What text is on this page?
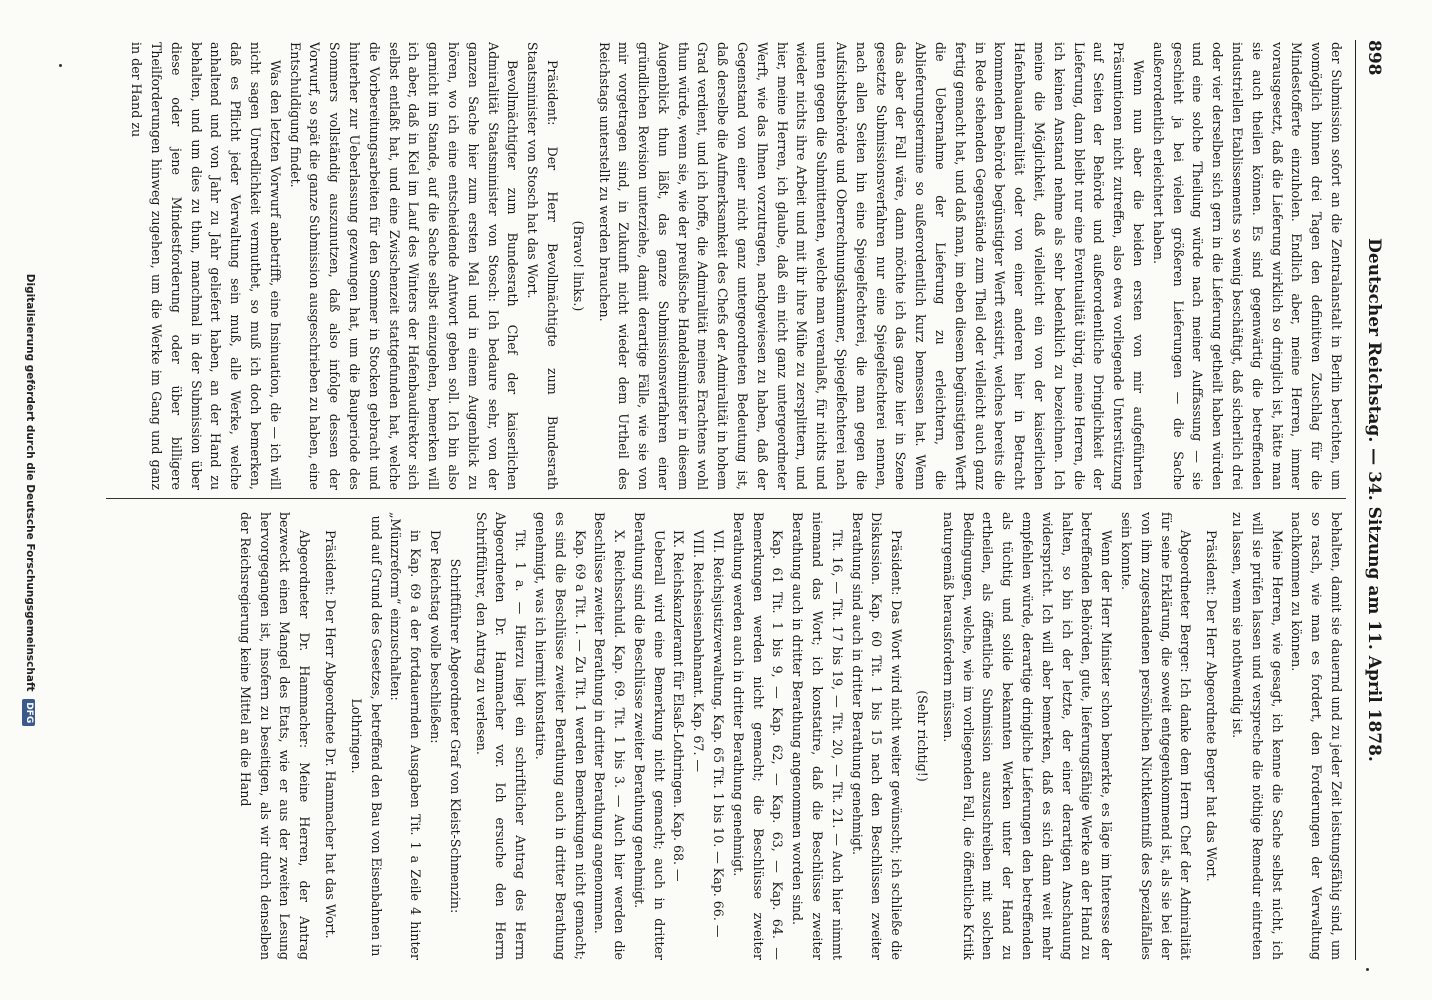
898
Deutscher Reichstag. — 34. Sitzung am 11. April 1878.

der Submission sofort an die Zentralanstalt in Berlin berichten, um womöglich binnen drei Tagen den definitiven Zuschlag für die Mindestofferte einzuholen. Endlich aber, meine Herren, immer vorausgesetzt, daß die Lieferung wirklich so dringlich ist, hätte man sie auch theilen können. Es sind gegenwärtig die betreffenden industriellen Etablissements so wenig beschäftigt, daß sicherlich drei oder vier derselben sich gern in die Lieferung getheilt haben würden und eine solche Theilung würde nach meiner Auffassung — sie geschieht ja bei vielen größeren Lieferungen — die Sache außerordentlich erleichtert haben.

Wenn nun aber die beiden ersten von mir aufgeführten Präsumtionen nicht zutreffen, also etwa vorliegende Unterstützung auf Seiten der Behörde und außerordentliche Dringlichkeit der Lieferung, dann bleibt nur eine Eventualität übrig, meine Herren, die ich keinen Anstand nehme als sehr bedenklich zu bezeichnen. Ich meine die Möglichkeit, daß vielleicht ein von der kaiserlichen Hafenbauadmiralität oder von einer anderen hier in Betracht kommenden Behörde begünstigter Werft existirt, welches bereits die in Rede stehenden Gegenstände zum Theil oder vielleicht auch ganz fertig gemacht hat, und daß man, im eben diesem begünstigten Werft die Uebernahme der Lieferung zu erleichtern, die Ablieferungstermine so außerordentlich kurz bemessen hat. Wenn das aber der Fall wäre, dann möchte ich das ganze hier in Szene gesetzte Submissionsverfahren nur eine Spiegelfechterei nennen, nach allen Seiten hin eine Spiegelfechterei, die man gegen die Aufsichtsbehörde und Oberrechnungskammer, Spiegelfechterei nach unten gegen die Submittenten, welche man veranlaßt, für nichts und wieder nichts ihre Arbeit und mit ihr ihre Mühe zu zersplittern, und hier, meine Herren, ich glaube, daß ein nicht ganz untergeordneter Werft, wie das Ihnen vorzutragen, nachgewiesen zu haben, daß der Gegenstand von einer nicht ganz untergeordneten Bedeutung ist, daß derselbe die Aufmerksamkeit des Chefs der Admiralität in hohem Grad verdient, und ich hoffe, die Admiralität meines Erachtens wohl thun würde, wenn sie, wie der preußische Handelsminister in diesem Augenblick thun läßt, das ganze Submissionsverfahren einer gründlichen Revision unterziehe, damit derartige Fälle, wie sie von mir vorgetragen sind, in Zukunft nicht wieder dem Urtheil des Reichstags unterstellt zu werden brauchen.

(Bravo! links.)

Präsident: Der Herr Bevollmächtigte zum Bundesrath Staatsminister von Stosch hat das Wort.

Bevollmächtigter zum Bundesrath Chef der kaiserlichen Admiralität Staatsminister von Stosch: Ich bedaure sehr, von der ganzen Sache hier zum ersten Mal und in einem Augenblick zu hören, wo ich eine entscheidende Antwort geben soll. Ich bin also garnicht im Stande, auf die Sache selbst einzugehen, bemerken will ich aber, daß in Kiel im Lauf des Winters der Hafenbaudirektor sich selbst entlaßt hat, und eine Zwischenzeit stattgefunden hat, welche die Vorbereitungsarbeiten für den Sommer in Stocken gebracht und hinterher zur Ueberlassung gezwungen hat, um die Bauperiode des Sommers vollständig auszunutzen, daß also infolge dessen der Vorwurf, so spät die ganze Submission ausgeschrieben zu haben, eine Entschuldigung findet.

Was den letzten Vorwurf anbetrifft, eine Insinuation, die — ich will nicht sagen Unredlichkeit vermuthet, so muß ich doch bemerken, daß es Pflicht jeder Verwaltung sein muß, alle Werke, welche anhaltend und von Jahr zu Jahr geliefert haben, an der Hand zu behalten, und um dies zu thun, manchmal in der Submission über diese oder jene Mindestforderung oder über billigere Theilforderungen hinweg zugehen, um die Werke im Gang und ganz in der Hand zu

behalten, damit sie dauernd und zu jeder Zeit leistungsfähig sind, um so rasch, wie man es fordert, den Forderungen der Verwaltung nachkommen zu können.

Meine Herren, wie gesagt, ich kenne die Sache selbst nicht, ich will sie prüfen lassen und verspreche die nöthige Remedur eintreten zu lassen, wenn sie nothwendig ist.

Präsident: Der Herr Abgeordnete Berger hat das Wort.

Abgeordneter Berger: Ich danke dem Herrn Chef der Admiralität für seine Erklärung, die soweit entgegenkommend ist, als sie bei der von ihm zugestandenen persönlichen Nichtkenntniß des Spezialfalles sein konnte.

Wenn der Herr Minister schon bemerkte, es läge im Interesse der betreffenden Behörden, gute, lieferungsfähige Werke an der Hand zu halten, so bin ich der letzte, der einer derartigen Anschauung widerspricht. Ich will aber bemerken, daß es sich dann weit mehr empfehlen würde, derartige dringliche Lieferungen den betreffenden als tüchtig und solide bekannten Werken unter der Hand zu ertheilen, als öffentliche Submission auszuschreiben mit solchen Bedingungen, welche, wie im vorliegenden Fall, die öffentliche Kritik naturgemäß herausfordern müssen.

(Sehr richtig!)

Präsident: Das Wort wird nicht weiter gewünscht; ich schließe die Diskussion. Kap. 60 Tit. 1 bis 15 nach den Beschlüssen zweiter Berathung sind auch in dritter Berathung genehmigt.

Tit. 16, — Tit. 17 bis 19, — Tit. 20, — Tit. 21. — Auch hier nimmt niemand das Wort; ich konstatire, daß die Beschlüsse zweiter Berathung auch in dritter Berathung angenommen worden sind.

Kap. 61 Tit. 1 bis 9, — Kap. 62, — Kap. 63, — Kap. 64. — Bemerkungen werden nicht gemacht; die Beschlüsse zweiter Berathung werden auch in dritter Berathung genehmigt.

VII. Reichsjustizverwaltung. Kap. 65 Tit. 1 bis 10. — Kap. 66. —

VIII. Reichseisenbahnamt. Kap. 67. —

IX. Reichskanzleramt für Elsaß-Lothringen. Kap. 68. —

Ueberall wird eine Bemerkung nicht gemacht; auch in dritter Berathung sind die Beschlüsse zweiter Berathung genehmigt.

X. Reichsschuld. Kap. 69. Tit. 1 bis 3. — Auch hier werden die Beschlüsse zweiter Berathung in dritter Berathung angenommen.

Kap. 69 a Tit. 1. — Zu Tit. 1 werden Bemerkungen nicht gemacht; es sind die Beschlüsse zweiter Berathung auch in dritter Berathung genehmigt, was ich hiermit konstatire.

Tit. 1 a. — Hierzu liegt ein schriftlicher Antrag des Herrn Abgeordneten Dr. Hammacher vor. Ich ersuche den Herrn Schriftführer, den Antrag zu verlesen.

Schriftführer Abgeordneter Graf von Kleist-Schmenzin:

Der Reichstag wolle beschließen:

in Kap. 69 a der fortdauernden Ausgaben Tit. 1 a Zeile 4 hinter „Münzreform“ einzuschalten:

und auf Grund des Gesetzes, betreffend den Bau von Eisenbahnen in Lothringen.

Präsident: Der Herr Abgeordnete Dr. Hammacher hat das Wort.

Abgeordneter Dr. Hammacher: Meine Herren, der Antrag bezweckt einen Mangel des Etats, wie er aus der zweiten Lesung hervorgegangen ist, insofern zu beseitigen, als wir durch denselben der Reichsregierung keine Mittel an die Hand

Digitalisierung gefördert durch die Deutsche Forschungsgemeinschaft DFG
